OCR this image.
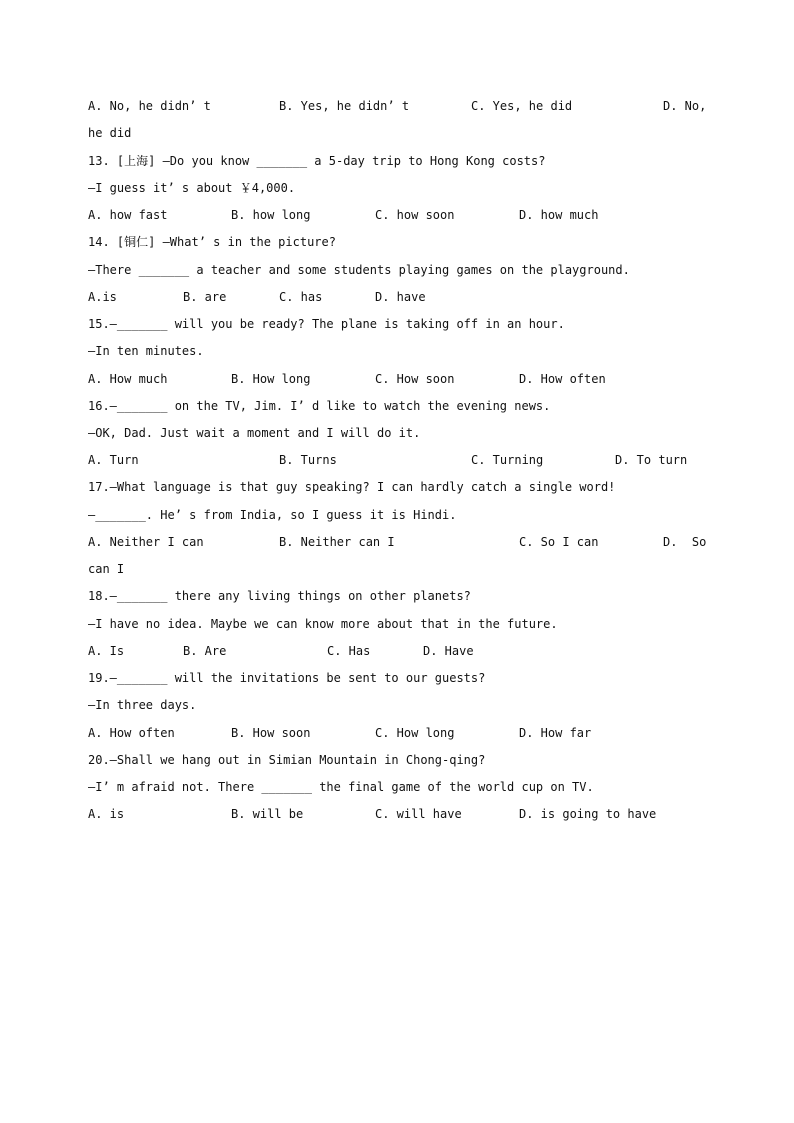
A. No, he didn’ t	B. Yes, he didn’ t	C. Yes, he did	D. No,
he did
13. [上海] —Do you know _______ a 5-day trip to Hong Kong costs?
—I guess it’ s about ￥4,000.
A. how fast	B. how long	C. how soon	D. how much
14. [铜仁] —What’ s in the picture?
—There _______ a teacher and some students playing games on the playground.
A.is	B. are	C. has	D. have
15.—_______ will you be ready? The plane is taking off in an hour.
—In ten minutes.
A. How much	B. How long	C. How soon	D. How often
16.—_______ on the TV, Jim. I’ d like to watch the evening news.
—OK, Dad. Just wait a moment and I will do it.
A. Turn	B. Turns	C. Turning	D. To turn
17.—What language is that guy speaking? I can hardly catch a single word!
—_______. He’ s from India, so I guess it is Hindi.
A. Neither I can	B. Neither can I	C. So I can	D.  So
can I
18.—_______ there any living things on other planets?
—I have no idea. Maybe we can know more about that in the future.
A. Is	B. Are	C. Has	D. Have
19.—_______ will the invitations be sent to our guests?
—In three days.
A. How often	B. How soon	C. How long	D. How far
20.—Shall we hang out in Simian Mountain in Chong-qing?
—I’ m afraid not. There _______ the final game of the world cup on TV.
A. is	B. will be	C. will have	D. is going to have
